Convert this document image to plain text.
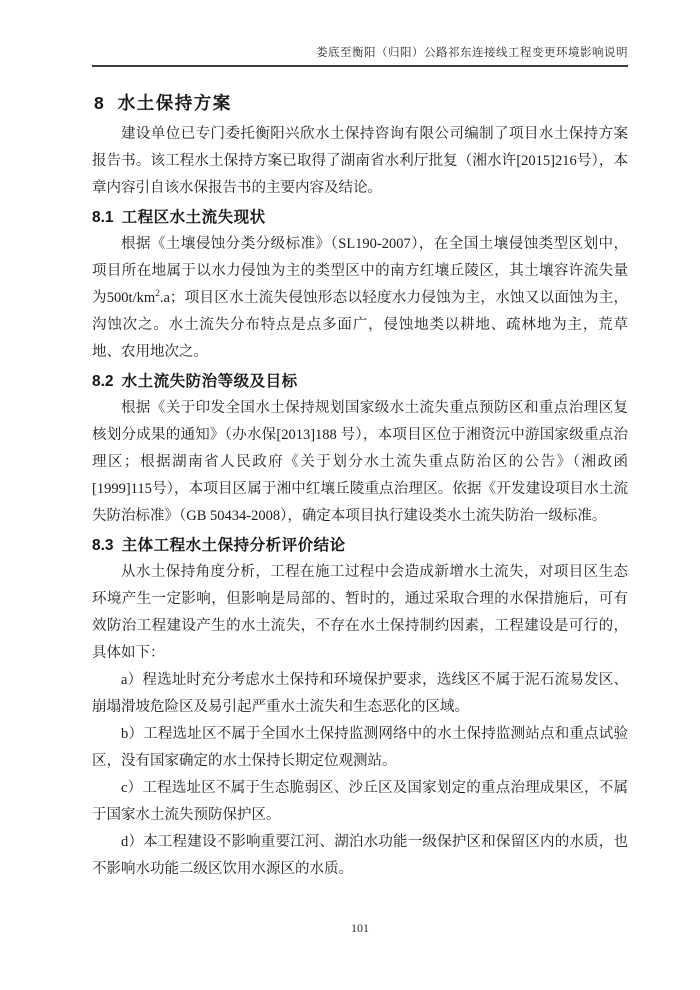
娄底至衡阳（归阳）公路祁东连接线工程变更环境影响说明
8 水土保持方案

建设单位已专门委托衡阳兴欣水土保持咨询有限公司编制了项目水土保持方案报告书。该工程水土保持方案已取得了湖南省水利厅批复（湘水许[2015]216号），本章内容引自该水保报告书的主要内容及结论。

8.1 工程区水土流失现状

根据《土壤侵蚀分类分级标准》（SL190-2007），在全国土壤侵蚀类型区划中，项目所在地属于以水力侵蚀为主的类型区中的南方红壤丘陵区，其土壤容许流失量为$500t/km^2.a$；项目区水土流失侵蚀形态以轻度水力侵蚀为主，水蚀又以面蚀为主，沟蚀次之。水土流失分布特点是点多面广，侵蚀地类以耕地、疏林地为主，荒草地、农用地次之。

8.2 水土流失防治等级及目标

根据《关于印发全国水土保持规划国家级水土流失重点预防区和重点治理区复核划分成果的通知》（办水保[2013]188 号），本项目区位于湘资沅中游国家级重点治理区；根据湖南省人民政府《关于划分水土流失重点防治区的公告》（湘政函[1999]115号），本项目区属于湘中红壤丘陵重点治理区。依据《开发建设项目水土流失防治标准》（GB 50434-2008），确定本项目执行建设类水土流失防治一级标准。

8.3 主体工程水土保持分析评价结论

从水土保持角度分析，工程在施工过程中会造成新增水土流失，对项目区生态环境产生一定影响，但影响是局部的、暂时的，通过采取合理的水保措施后，可有效防治工程建设产生的水土流失，不存在水土保持制约因素，工程建设是可行的，具体如下：

a）程选址时充分考虑水土保持和环境保护要求，选线区不属于泥石流易发区、崩塌滑坡危险区及易引起严重水土流失和生态恶化的区域。

b）工程选址区不属于全国水土保持监测网络中的水土保持监测站点和重点试验区，没有国家确定的水土保持长期定位观测站。

c）工程选址区不属于生态脆弱区、沙丘区及国家划定的重点治理成果区，不属于国家水土流失预防保护区。

d）本工程建设不影响重要江河、湖泊水功能一级保护区和保留区内的水质，也不影响水功能二级区饮用水源区的水质。

101
